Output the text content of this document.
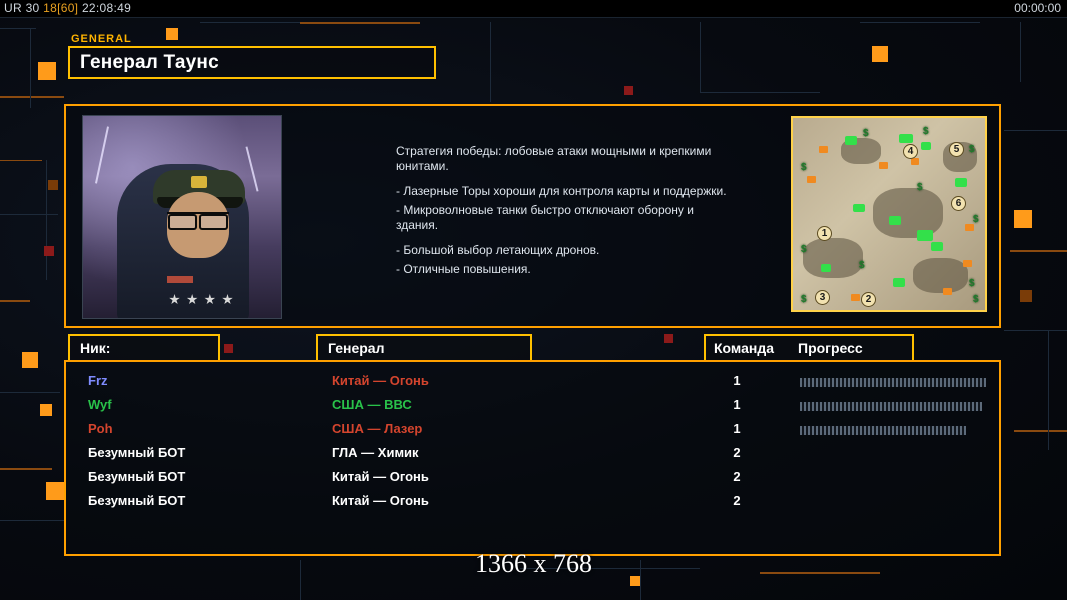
UR 30 18[60] 22:08:49	00:00:00
GENERAL
Генерал Таунс

Стратегия победы: лобовые атаки мощными и крепкими юнитами.

- Лазерные Торы хороши для контроля карты и поддержки.

- Микроволновые танки быстро отключают оборону и здания.

- Большой выбор летающих дронов.

- Отличные повышения.

$	$
$
$
$
$
$
$
$
$	$
1
2
3
4	5
6
Ник:	Генерал	Команда	Прогресс
Frz	Китай — Огонь	1
Wyf	США — ВВС	1
Poh	США — Лазер	1
Безумный БОТ	ГЛА — Химик	2
Безумный БОТ	Китай — Огонь	2
Безумный БОТ	Китай — Огонь	2
1366 x 768
